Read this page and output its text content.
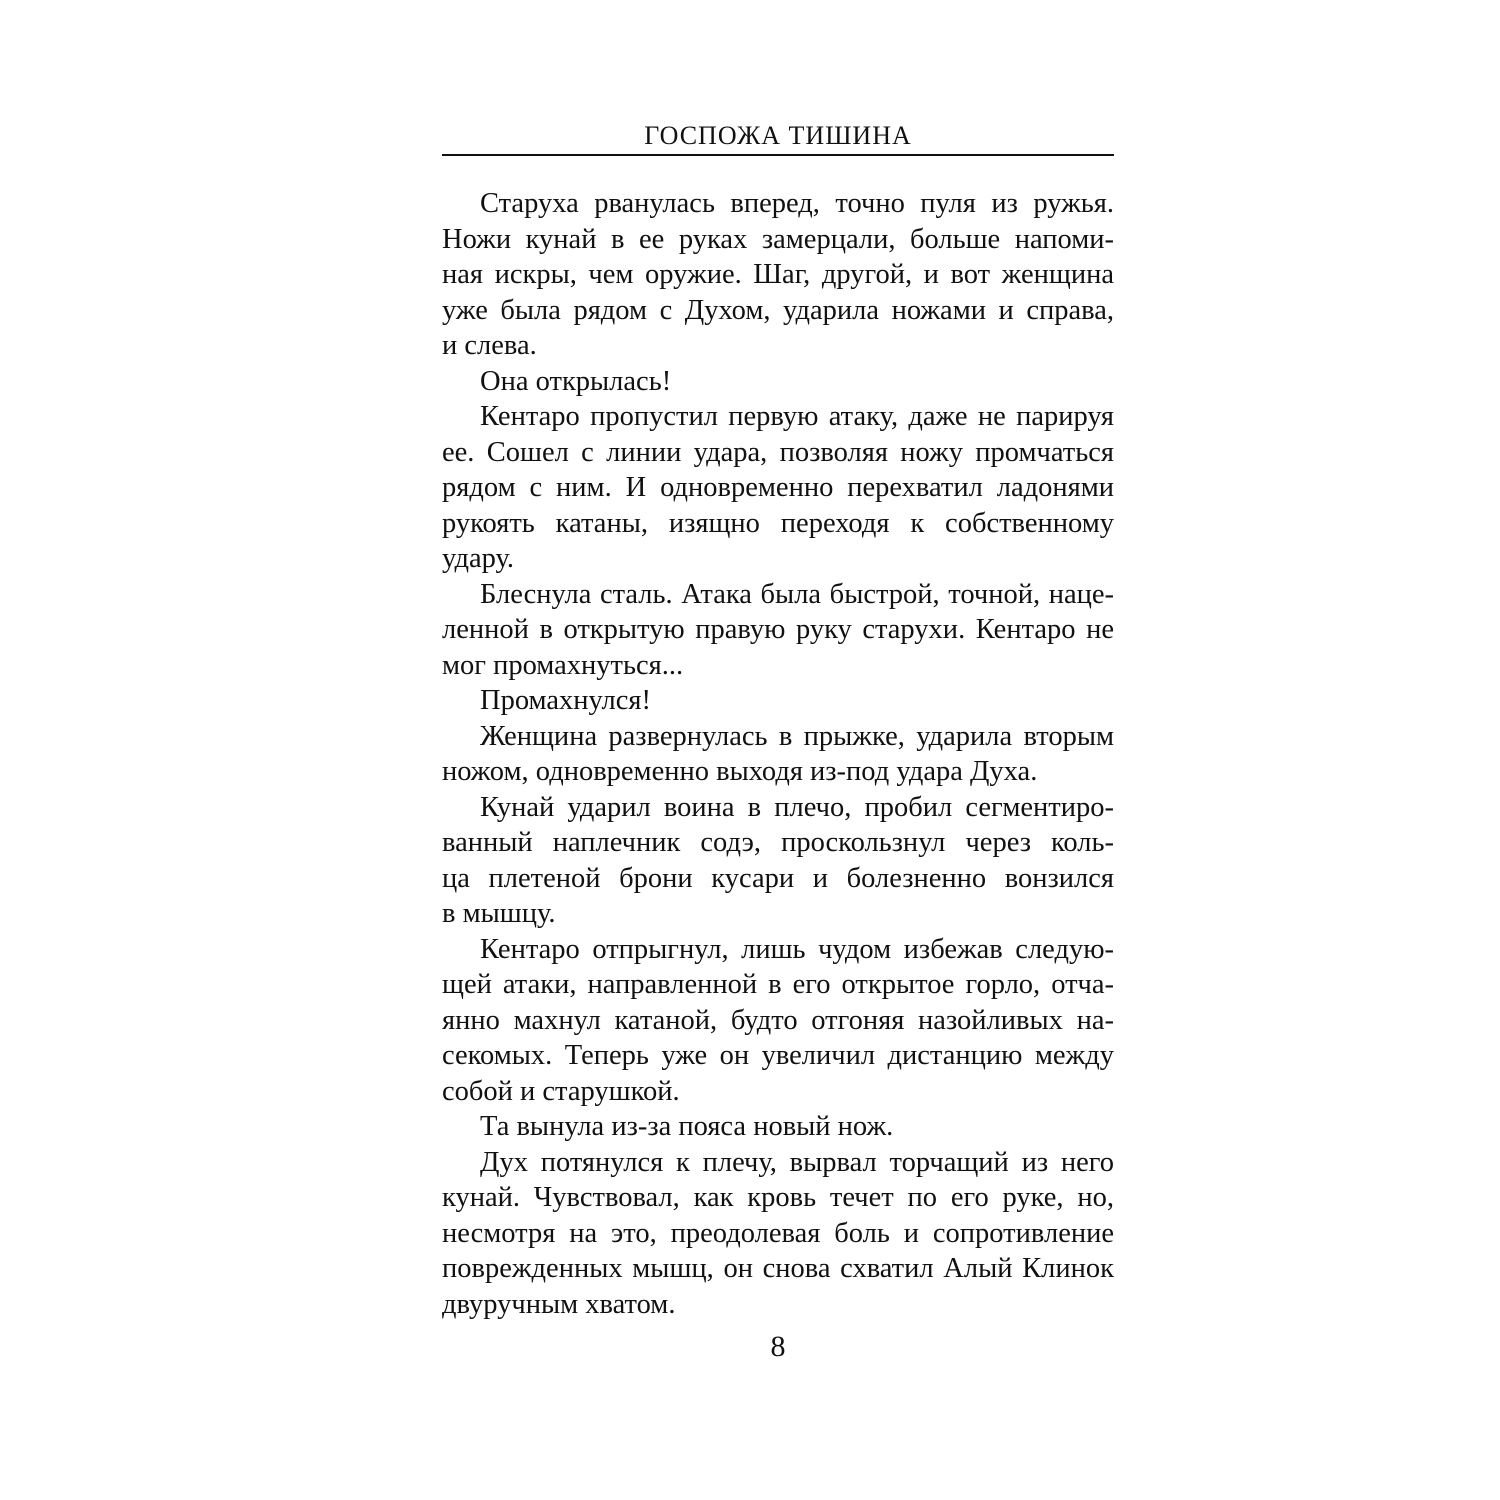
ГОСПОЖА ТИШИНА
Старуха рванулась вперед, точно пуля из ружья.
Ножи кунай в ее руках замерцали, больше напоми-
ная искры, чем оружие. Шаг, другой, и вот женщина
уже была рядом с Духом, ударила ножами и справа,
и слева.
Она открылась!
Кентаро пропустил первую атаку, даже не парируя
ее. Сошел с линии удара, позволяя ножу промчаться
рядом с ним. И одновременно перехватил ладонями
рукоять катаны, изящно переходя к собственному
удару.
Блеснула сталь. Атака была быстрой, точной, наце-
ленной в открытую правую руку старухи. Кентаро не
мог промахнуться...
Промахнулся!
Женщина развернулась в прыжке, ударила вторым
ножом, одновременно выходя из-под удара Духа.
Кунай ударил воина в плечо, пробил сегментиро-
ванный наплечник содэ, проскользнул через коль-
ца плетеной брони кусари и болезненно вонзился
в мышцу.
Кентаро отпрыгнул, лишь чудом избежав следую-
щей атаки, направленной в его открытое горло, отча-
янно махнул катаной, будто отгоняя назойливых на-
секомых. Теперь уже он увеличил дистанцию между
собой и старушкой.
Та вынула из-за пояса новый нож.
Дух потянулся к плечу, вырвал торчащий из него
кунай. Чувствовал, как кровь течет по его руке, но,
несмотря на это, преодолевая боль и сопротивление
поврежденных мышц, он снова схватил Алый Клинок
двуручным хватом.
8
